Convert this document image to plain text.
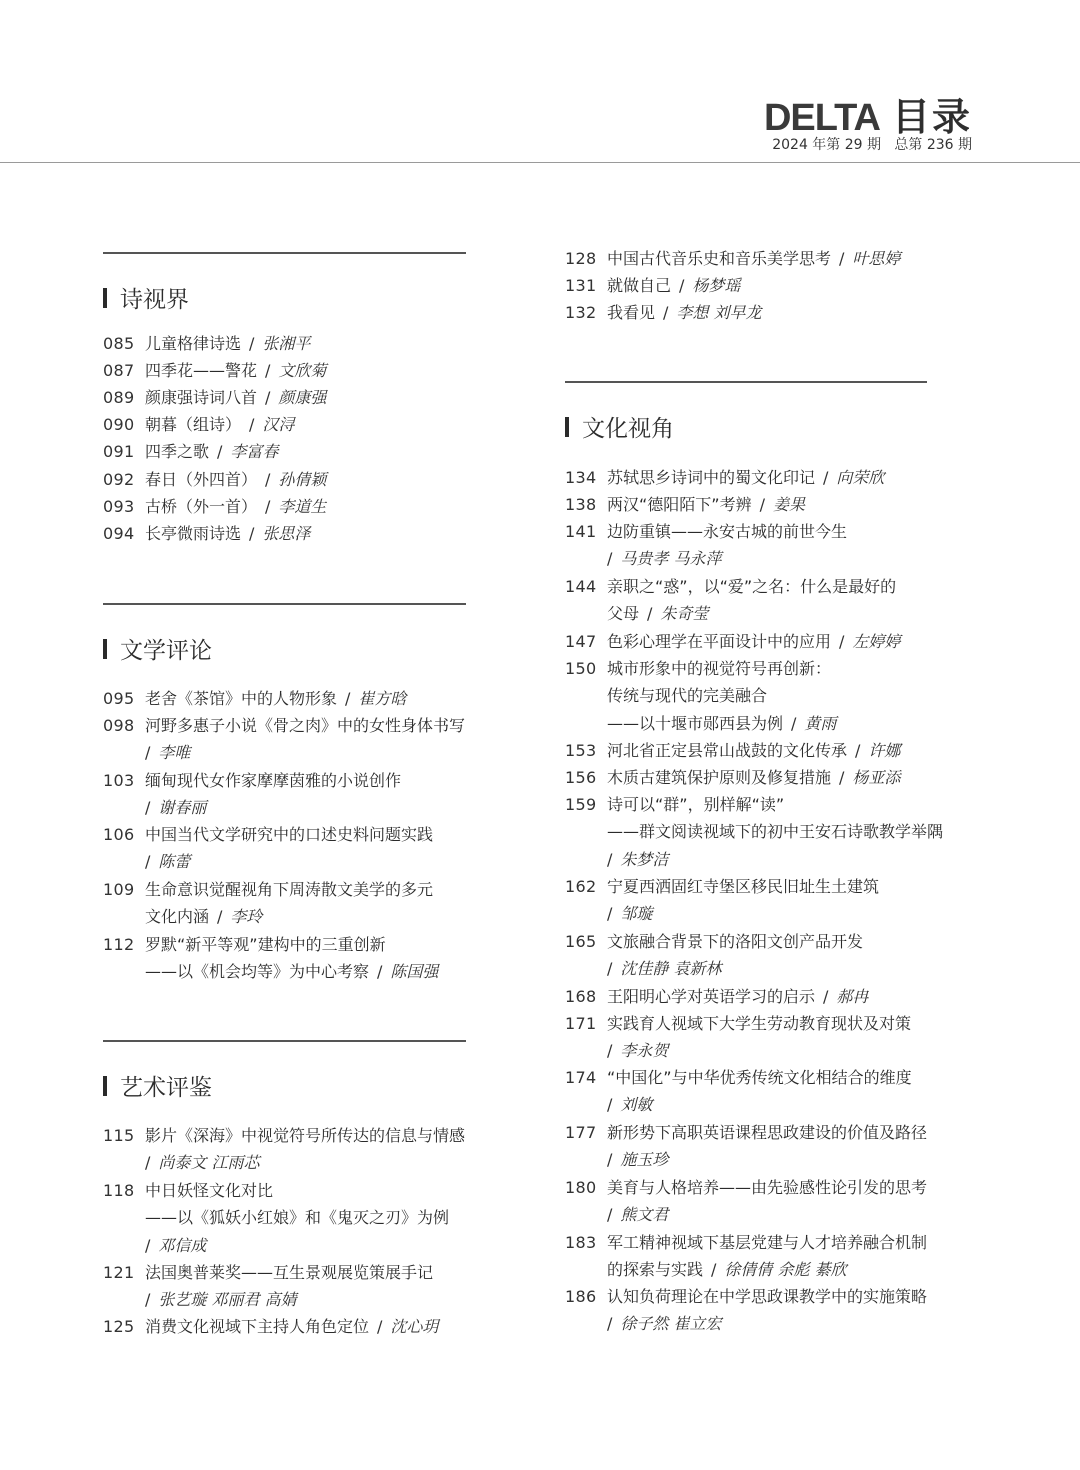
DELTA 目录
2024 年第 29 期   总第 236 期
诗视界
085 儿童格律诗选 / 张湘平
087 四季花——警花 / 文欣菊
089 颜康强诗词八首 / 颜康强
090 朝暮（组诗） / 汉浔
091 四季之歌 / 李富春
092 春日（外四首） / 孙倩颖
093 古桥（外一首） / 李道生
094 长亭微雨诗选 / 张思泽
文学评论
095 老舍《茶馆》中的人物形象 / 崔方晗
098 河野多惠子小说《骨之肉》中的女性身体书写
/ 李唯
103 缅甸现代女作家摩摩茵雅的小说创作
/ 谢春丽
106 中国当代文学研究中的口述史料问题实践
/ 陈蕾
109 生命意识觉醒视角下周涛散文美学的多元
文化内涵 / 李玲
112 罗默“新平等观”建构中的三重创新
——以《机会均等》为中心考察 / 陈国强
艺术评鉴
115 影片《深海》中视觉符号所传达的信息与情感
/ 尚泰文 江雨芯
118 中日妖怪文化对比
——以《狐妖小红娘》和《鬼灭之刃》为例
/ 邓信成
121 法国奥普莱奖——互生景观展览策展手记
/ 张艺璇 邓丽君 高婧
125 消费文化视域下主持人角色定位 / 沈心玥
128 中国古代音乐史和音乐美学思考 / 叶思婷
131 就做自己 / 杨梦瑶
132 我看见 / 李想 刘早龙
文化视角
134 苏轼思乡诗词中的蜀文化印记 / 向荣欣
138 两汉“德阳陌下”考辨 / 姜果
141 边防重镇——永安古城的前世今生
/ 马贵孝 马永萍
144 亲职之“惑”，以“爱”之名：什么是最好的
父母 / 朱奇莹
147 色彩心理学在平面设计中的应用 / 左婷婷
150 城市形象中的视觉符号再创新：
传统与现代的完美融合
——以十堰市郧西县为例 / 黄雨
153 河北省正定县常山战鼓的文化传承 / 许娜
156 木质古建筑保护原则及修复措施 / 杨亚添
159 诗可以“群”，别样解“读”
——群文阅读视域下的初中王安石诗歌教学举隅
/ 朱梦洁
162 宁夏西洒固红寺堡区移民旧址生土建筑
/ 邹璇
165 文旅融合背景下的洛阳文创产品开发
/ 沈佳静 袁新林
168 王阳明心学对英语学习的启示 / 郝冉
171 实践育人视域下大学生劳动教育现状及对策
/ 李永贺
174 “中国化”与中华优秀传统文化相结合的维度
/ 刘敏
177 新形势下高职英语课程思政建设的价值及路径
/ 施玉珍
180 美育与人格培养——由先验感性论引发的思考
/ 熊文君
183 军工精神视域下基层党建与人才培养融合机制
的探索与实践 / 徐倩倩 余彪 綦欣
186 认知负荷理论在中学思政课教学中的实施策略
/ 徐子然 崔立宏
